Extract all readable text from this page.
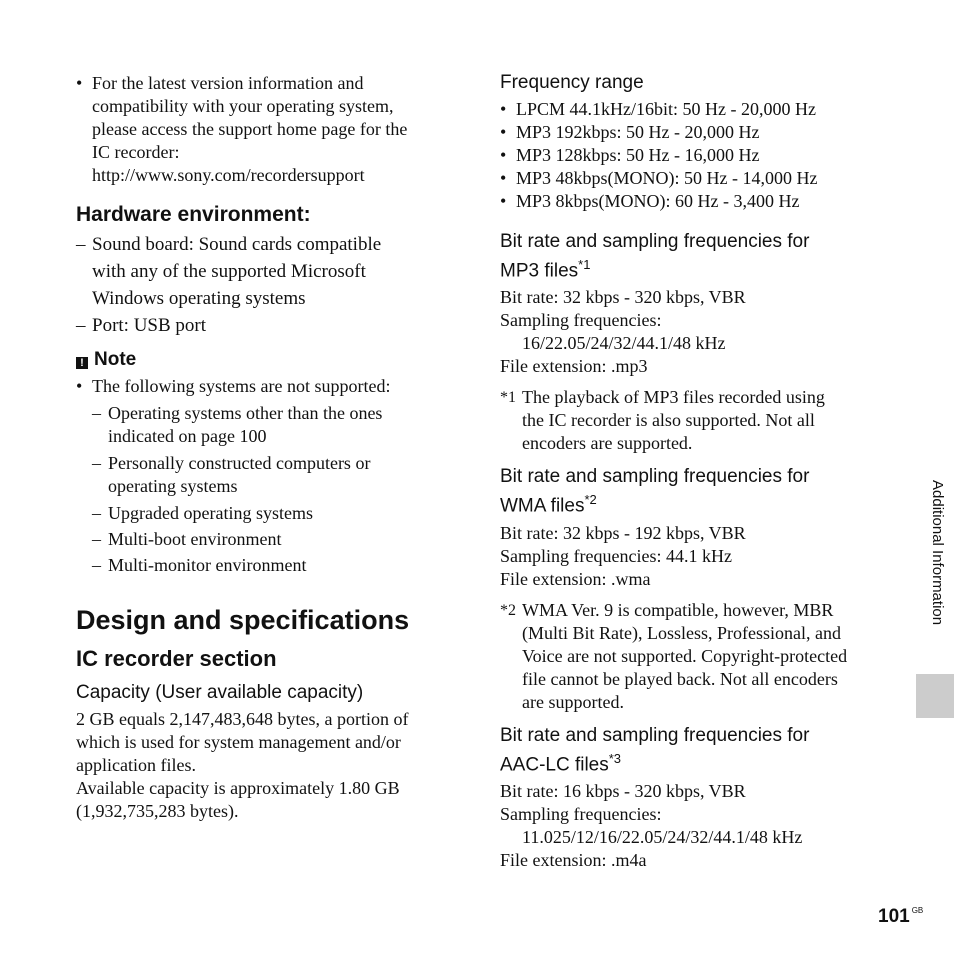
• For the latest version information and
compatibility with your operating system,
please access the support home page for the
IC recorder:
http://www.sony.com/recordersupport
Hardware environment:
– Sound board: Sound cards compatible
with any of the supported Microsoft
Windows operating systems
– Port: USB port
! Note
• The following systems are not supported:
– Operating systems other than the ones
indicated on page 100
– Personally constructed computers or
operating systems
– Upgraded operating systems
– Multi-boot environment
– Multi-monitor environment
Design and specifications
IC recorder section
Capacity (User available capacity)
2 GB equals 2,147,483,648 bytes, a portion of
which is used for system management and/or
application files.
Available capacity is approximately 1.80 GB
(1,932,735,283 bytes).
Frequency range
• LPCM 44.1kHz/16bit: 50 Hz - 20,000 Hz
• MP3 192kbps: 50 Hz - 20,000 Hz
• MP3 128kbps: 50 Hz - 16,000 Hz
• MP3 48kbps(MONO): 50 Hz - 14,000 Hz
• MP3 8kbps(MONO): 60 Hz - 3,400 Hz
Bit rate and sampling frequencies for
MP3 files$^{*1}$
Bit rate: 32 kbps - 320 kbps, VBR
Sampling frequencies:
16/22.05/24/32/44.1/48 kHz
File extension: .mp3
*1 The playback of MP3 files recorded using
the IC recorder is also supported. Not all
encoders are supported.
Bit rate and sampling frequencies for
WMA files$^{*2}$
Bit rate: 32 kbps - 192 kbps, VBR
Sampling frequencies: 44.1 kHz
File extension: .wma
*2 WMA Ver. 9 is compatible, however, MBR
(Multi Bit Rate), Lossless, Professional, and
Voice are not supported. Copyright-protected
file cannot be played back. Not all encoders
are supported.
Bit rate and sampling frequencies for
AAC-LC files$^{*3}$
Bit rate: 16 kbps - 320 kbps, VBR
Sampling frequencies:
11.025/12/16/22.05/24/32/44.1/48 kHz
File extension: .m4a
Additional Information
101 $^{GB}$
